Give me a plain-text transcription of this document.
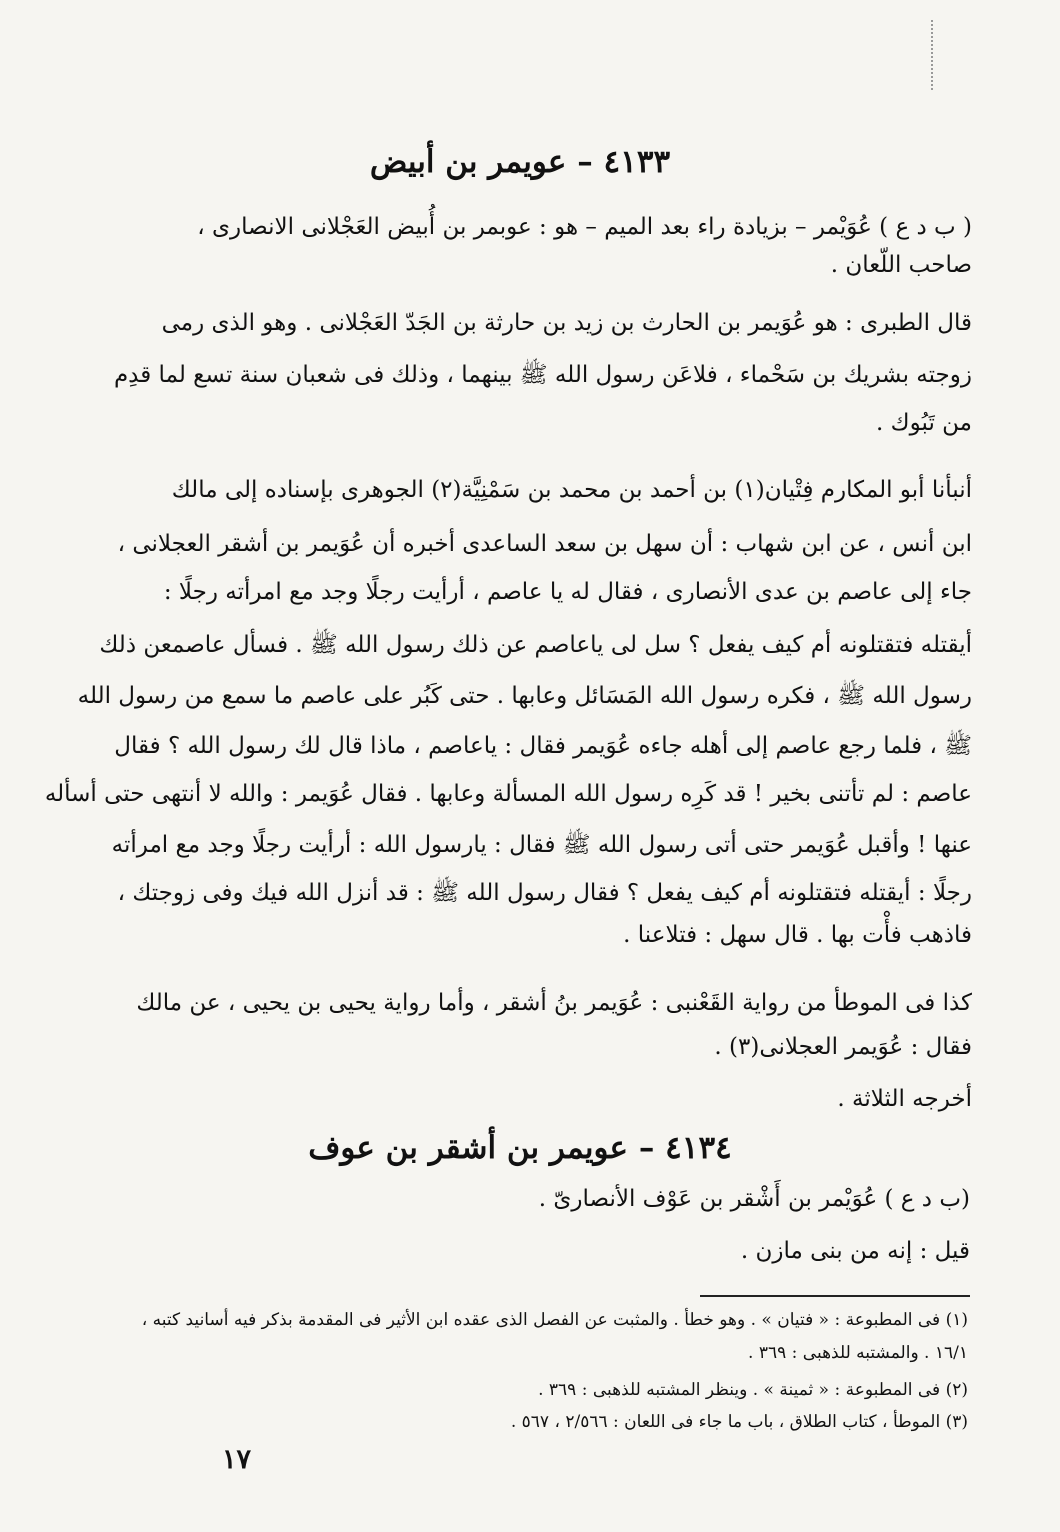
٤١٣٣ – عويمر بن أبيض
( ب د ع ) عُوَيْمر – بزيادة راء بعد الميم – هو : عوبمر بن أُبيض العَجْلانى الانصارى ،
صاحب اللّعان .
قال الطبرى : هو عُوَيمر بن الحارث بن زيد بن حارثة بن الجَدّ العَجْلانى . وهو الذى رمى
زوجته بشريك بن سَحْماء ، فلاعَن رسول الله ﷺ بينهما ، وذلك فى شعبان سنة تسع لما قدِم
من تَبُوك .
أنبأنا أبو المكارم فِتْيان(١) بن أحمد بن محمد بن سَمْنِيَّة(٢) الجوهرى بإسناده إلى مالك
ابن أنس ، عن ابن شهاب : أن سهل بن سعد الساعدى أخبره أن عُوَيمر بن أشقر العجلانى ،
جاء إلى عاصم بن عدى الأنصارى ، فقال له يا عاصم ، أرأيت رجلًا وجد مع امرأته رجلًا :
أيقتله فتقتلونه أم كيف يفعل ؟ سل لى ياعاصم عن ذلك رسول الله ﷺ . فسأل عاصمعن ذلك
رسول الله ﷺ ، فكره رسول الله المَسَائل وعابها . حتى كَبُر على عاصم ما سمع من رسول الله
ﷺ ، فلما رجع عاصم إلى أهله جاءه عُوَيمر فقال : ياعاصم ، ماذا قال لك رسول الله ؟ فقال
عاصم : لم تأتنى بخير ! قد كَرِه رسول الله المسألة وعابها . فقال عُوَيمر : والله لا أنتهى حتى أسأله
عنها ! وأقبل عُوَيمر حتى أتى رسول الله ﷺ فقال : يارسول الله : أرأيت رجلًا وجد مع امرأته
رجلًا : أيقتله فتقتلونه أم كيف يفعل ؟ فقال رسول الله ﷺ : قد أنزل الله فيك وفى زوجتك ،
فاذهب فأْت بها . قال سهل : فتلاعنا .
كذا فى الموطأ من رواية القَعْنبى : عُوَيمر بنُ أشقر ، وأما رواية يحيى بن يحيى ، عن مالك
فقال : عُوَيمر العجلانى(٣) .
أخرجه الثلاثة .
٤١٣٤ – عويمر بن أشقر بن عوف
(ب د ع ) عُوَيْمر بن أَشْقر بن عَوْف الأنصارىّ .
قيل : إنه من بنى مازن .
(١) فى المطبوعة : « فتيان » . وهو خطأ . والمثبت عن الفصل الذى عقده ابن الأثير فى المقدمة بذكر فيه أسانيد كتبه ،
١٦/١ . والمشتبه للذهبى : ٣٦٩ .
(٢) فى المطبوعة : « ثمينة » . وينظر المشتبه للذهبى : ٣٦٩ .
(٣) الموطأ ، كتاب الطلاق ، باب ما جاء فى اللعان : ٢/٥٦٦ ، ٥٦٧ .
١٧
